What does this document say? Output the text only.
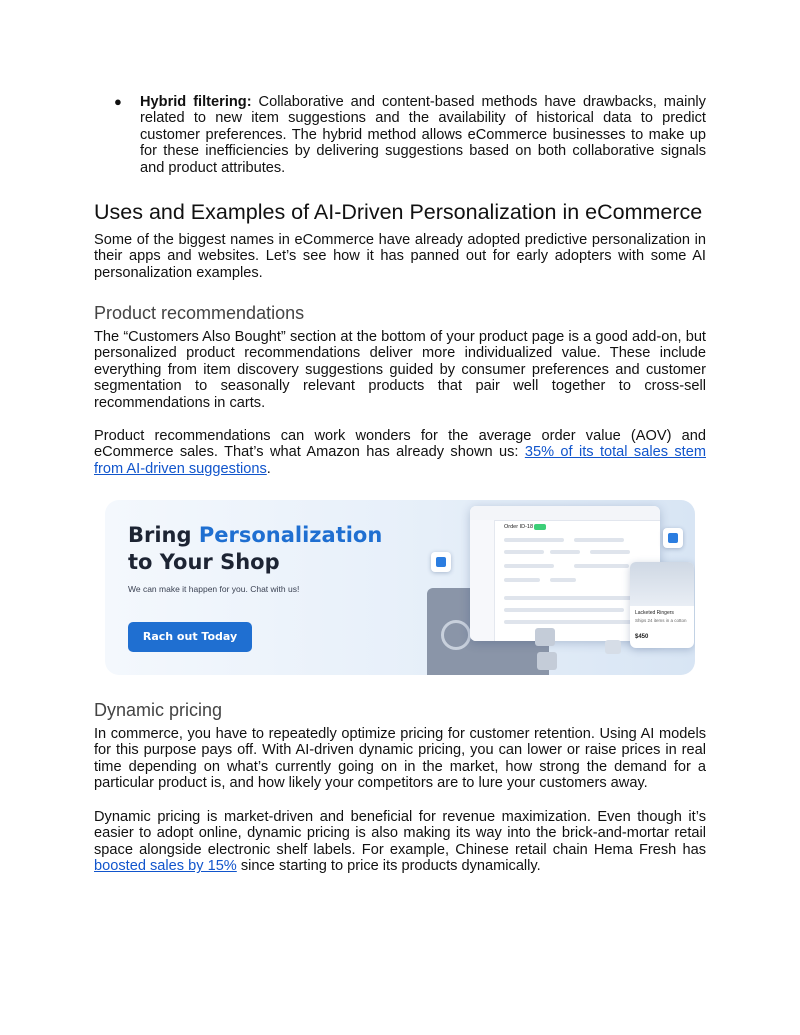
● Hybrid filtering: Collaborative and content-based methods have drawbacks, mainly related to new item suggestions and the availability of historical data to predict customer preferences. The hybrid method allows eCommerce businesses to make up for these inefficiencies by delivering suggestions based on both collaborative signals and product attributes.

Uses and Examples of AI-Driven Personalization in eCommerce

Some of the biggest names in eCommerce have already adopted predictive personalization in their apps and websites. Let’s see how it has panned out for early adopters with some AI personalization examples.

Product recommendations

The “Customers Also Bought” section at the bottom of your product page is a good add-on, but personalized product recommendations deliver more individualized value. These include everything from item discovery suggestions guided by consumer preferences and customer segmentation to seasonally relevant products that pair well together to cross-sell recommendations in carts.

Product recommendations can work wonders for the average order value (AOV) and eCommerce sales. That’s what Amazon has already shown us: 35% of its total sales stem from AI-driven suggestions.

Bring Personalization
to Your Shop
We can make it happen for you. Chat with us!
Rach out Today
Order ID-18
Lacketed Ringers
Ships 24 items in a cotton
$450
Dynamic pricing

In commerce, you have to repeatedly optimize pricing for customer retention. Using AI models for this purpose pays off. With AI-driven dynamic pricing, you can lower or raise prices in real time depending on what’s currently going on in the market, how strong the demand for a particular product is, and how likely your competitors are to lure your customers away.

Dynamic pricing is market-driven and beneficial for revenue maximization. Even though it’s easier to adopt online, dynamic pricing is also making its way into the brick-and-mortar retail space alongside electronic shelf labels. For example, Chinese retail chain Hema Fresh has boosted sales by 15% since starting to price its products dynamically.
